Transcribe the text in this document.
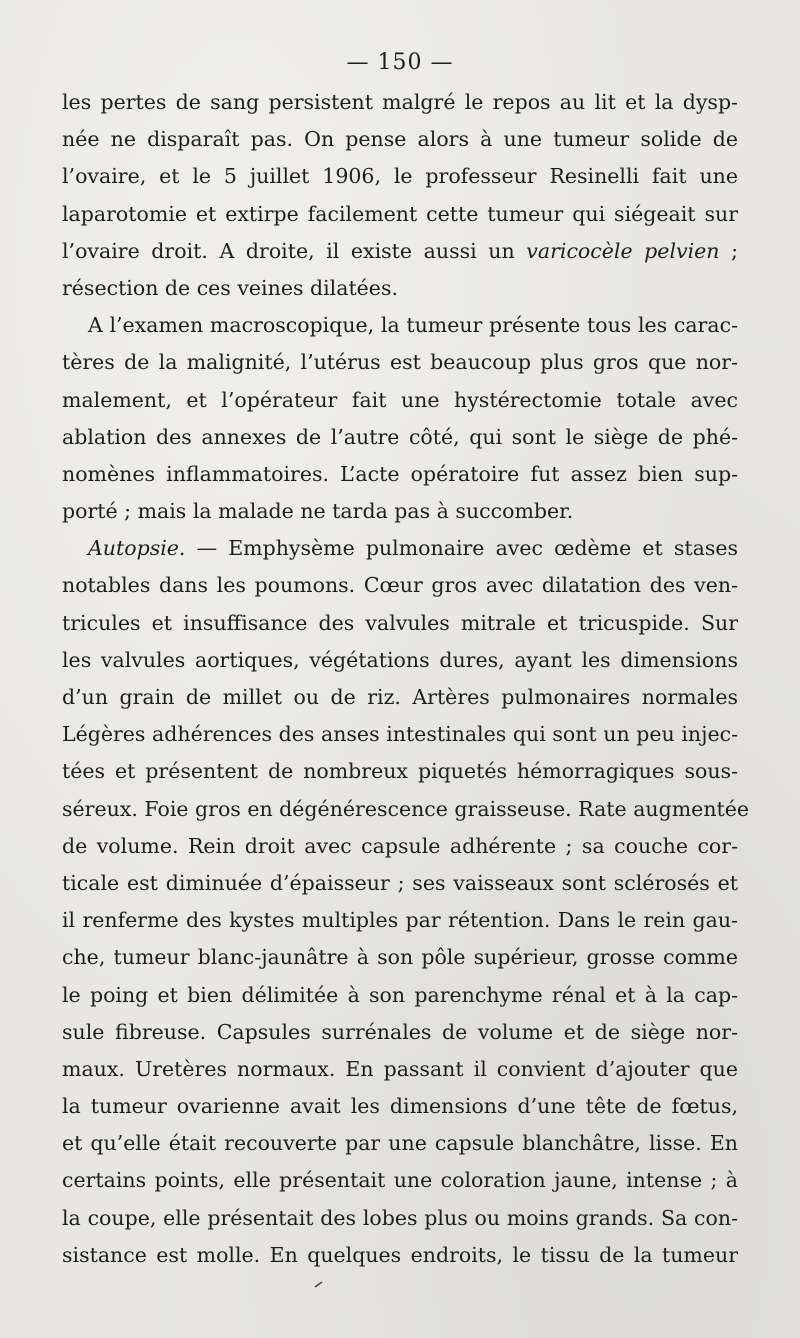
— 150 —
les pertes de sang persistent malgré le repos au lit et la dysp-
née ne disparaît pas. On pense alors à une tumeur solide de
l’ovaire, et le 5 juillet 1906, le professeur Resinelli fait une
laparotomie et extirpe facilement cette tumeur qui siégeait sur
l’ovaire droit. A droite, il existe aussi un varicocèle pelvien ;
résection de ces veines dilatées.
A l’examen macroscopique, la tumeur présente tous les carac-
tères de la malignité, l’utérus est beaucoup plus gros que nor-
malement, et l’opérateur fait une hystérectomie totale avec
ablation des annexes de l’autre côté, qui sont le siège de phé-
nomènes inflammatoires. L’acte opératoire fut assez bien sup-
porté ; mais la malade ne tarda pas à succomber.
Autopsie. — Emphysème pulmonaire avec œdème et stases
notables dans les poumons. Cœur gros avec dilatation des ven-
tricules et insuffisance des valvules mitrale et tricuspide. Sur
les valvules aortiques, végétations dures, ayant les dimensions
d’un grain de millet ou de riz. Artères pulmonaires normales
Légères adhérences des anses intestinales qui sont un peu injec-
tées et présentent de nombreux piquetés hémorragiques sous-
séreux. Foie gros en dégénérescence graisseuse. Rate augmentée
de volume. Rein droit avec capsule adhérente ; sa couche cor-
ticale est diminuée d’épaisseur ; ses vaisseaux sont sclérosés et
il renferme des kystes multiples par rétention. Dans le rein gau-
che, tumeur blanc-jaunâtre à son pôle supérieur, grosse comme
le poing et bien délimitée à son parenchyme rénal et à la cap-
sule fibreuse. Capsules surrénales de volume et de siège nor-
maux. Uretères normaux. En passant il convient d’ajouter que
la tumeur ovarienne avait les dimensions d’une tête de fœtus,
et qu’elle était recouverte par une capsule blanchâtre, lisse. En
certains points, elle présentait une coloration jaune, intense ; à
la coupe, elle présentait des lobes plus ou moins grands. Sa con-
sistance est molle. En quelques endroits, le tissu de la tumeur
